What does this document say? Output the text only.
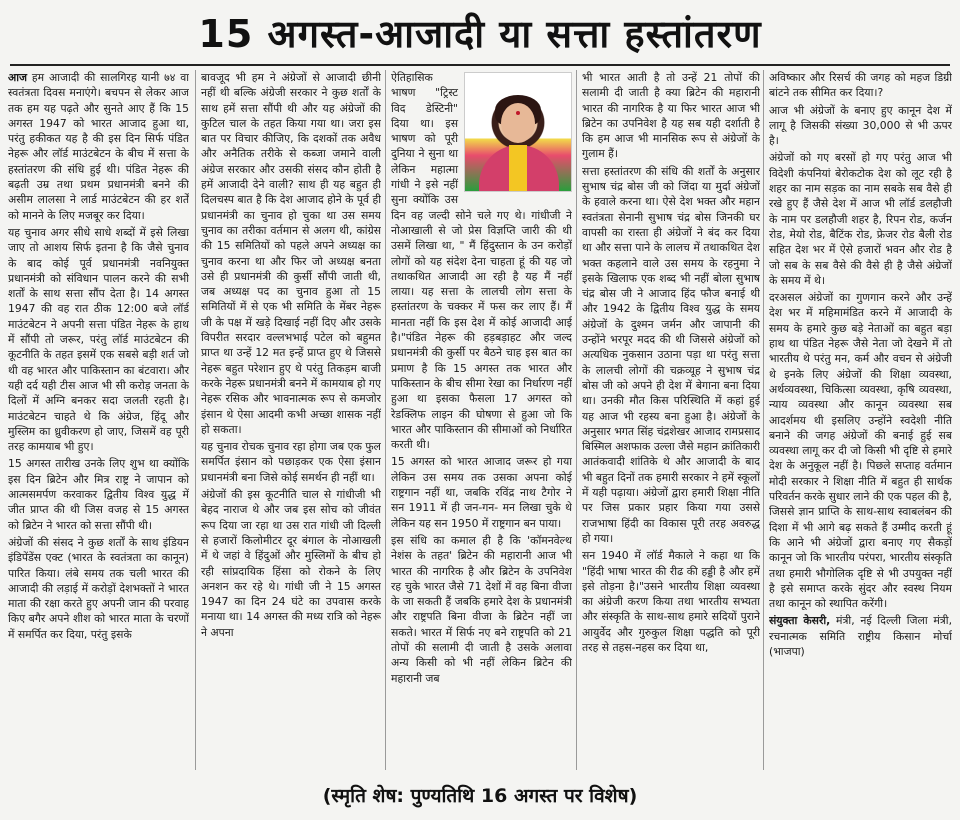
15 अगस्त-आजादी या सत्ता हस्तांतरण

आज हम आजादी की सालगिरह यानी ७४ वा स्वतंत्रता दिवस मनाएंगे। बचपन से लेकर आज तक हम यह पढ़ते और सुनते आए हैं कि 15 अगस्त 1947 को भारत आजाद हुआ था, परंतु हकीकत यह है की इस दिन सिर्फ पंडित नेहरू और लॉर्ड माउंटबेटन के बीच में सत्ता के हस्तांतरण की संधि हुई थी। पंडित नेहरू की बढ़ती उम्र तथा प्रथम प्रधानमंत्री बनने की असीम लालसा ने लार्ड माउंटबेटन की हर शर्तें को मानने के लिए मजबूर कर दिया।

यह चुनाव अगर सीधे साधे शब्दों में इसे लिखा जाए तो आशय सिर्फ इतना है कि जैसे चुनाव के बाद कोई पूर्व प्रधानमंत्री नवनियुक्त प्रधानमंत्री को संविधान पालन करने की सभी शर्तों के साथ सत्ता सौंप देता है। 14 अगस्त 1947 की वह रात ठीक 12:00 बजे लॉर्ड माउंटबेटन ने अपनी सत्ता पंडित नेहरू के हाथ में सौंपी तो जरूर, परंतु लॉर्ड माउंटबेटन की कूटनीति के तहत इसमें एक सबसे बड़ी शर्त जो थी वह भारत और पाकिस्तान का बंटवारा। और यही दर्द यही टीस आज भी सी करोड़ जनता के दिलों में अग्नि बनकर सदा जलती रहती है। माउंटबेटन चाहते थे कि अंग्रेज, हिंदू और मुस्लिम का ध्रुवीकरण हो जाए, जिसमें वह पूरी तरह कामयाब भी हुए।

15 अगस्त तारीख उनके लिए शुभ था क्योंकि इस दिन ब्रिटेन और मित्र राष्ट्र ने जापान को आत्मसमर्पण करवाकर द्वितीय विश्व युद्ध में जीत प्राप्त की थी जिस वजह से 15 अगस्त को ब्रिटेन ने भारत को सत्ता सौंपी थी।

अंग्रेजों की संसद ने कुछ शर्तों के साथ इंडियन इंडिपेंडेंस एक्ट (भारत के स्वतंत्रता का कानून) पारित किया। लंबे समय तक चली भारत की आजादी की लड़ाई में करोड़ों देशभक्तों ने भारत माता की रक्षा करते हुए अपनी जान की परवाह किए बगैर अपने शीश को भारत माता के चरणों में समर्पित कर दिया, परंतु इसके

बावजूद भी हम ने अंग्रेजों से आजादी छीनी नहीं थी बल्कि अंग्रेजी सरकार ने कुछ शर्तों के साथ हमें सत्ता सौंपी थी और यह अंग्रेजों की कुटिल चाल के तहत किया गया था। जरा इस बात पर विचार कीजिए, कि दशकों तक अवैध और अनैतिक तरीके से कब्जा जमाने वाली अंग्रेज सरकार और उसकी संसद कौन होती है हमें आजादी देने वाली? साथ ही यह बहुत ही दिलचस्प बात है कि देश आजाद होने के पूर्व ही प्रधानमंत्री का चुनाव हो चुका था उस समय चुनाव का तरीका वर्तमान से अलग थी, कांग्रेस की 15 समितियों को पहले अपने अध्यक्ष का चुनाव करना था और फिर जो अध्यक्ष बनता उसे ही प्रधानमंत्री की कुर्सी सौंपी जाती थी, जब अध्यक्ष पद का चुनाव हुआ तो 15 समितियों में से एक भी समिति के मेंबर नेहरू जी के पक्ष में खड़े दिखाई नहीं दिए और उसके विपरीत सरदार वल्लभभाई पटेल को बहुमत प्राप्त था उन्हें 12 मत इन्हें प्राप्त हुए थे जिससे नेहरू बहुत परेशान हुए थे परंतु तिकड़म बाजी करके नेहरू प्रधानमंत्री बनने में कामयाब हो गए नेहरू रसिक और भावनात्मक रूप से कमजोर इंसान थे ऐसा आदमी कभी अच्छा शासक नहीं हो सकता।

यह चुनाव रोचक चुनाव रहा होगा जब एक फुल समर्पित इंसान को पछाड़कर एक ऐसा इंसान प्रधानमंत्री बना जिसे कोई समर्थन ही नहीं था।

अंग्रेजों की इस कूटनीति चाल से गांधीजी भी बेहद नाराज थे और जब इस सोच को जीवंत रूप दिया जा रहा था उस रात गांधी जी दिल्ली से हजारों किलोमीटर दूर बंगाल के नोआखली में थे जहां वे हिंदुओं और मुस्लिमों के बीच हो रही सांप्रदायिक हिंसा को रोकने के लिए अनशन कर रहे थे। गांधी जी ने 15 अगस्त 1947 का दिन 24 घंटे का उपवास करके मनाया था। 14 अगस्त की मध्य रात्रि को नेहरू ने अपना

ऐतिहासिक भाषण "ट्रिस्ट विद डेस्टिनी" दिया था। इस भाषण को पूरी दुनिया ने सुना था लेकिन महात्मा गांधी ने इसे नहीं सुना क्योंकि उस दिन वह जल्दी सोने चले गए थे। गांधीजी ने नोआखाली से जो प्रेस विज्ञप्ति जारी की थी उसमें लिखा था, " मैं हिंदुस्तान के उन करोड़ों लोगों को यह संदेश देना चाहता हूं की यह जो तथाकथित आजादी आ रही है यह मैं नहीं लाया। यह सत्ता के लालची लोग सत्ता के हस्तांतरण के चक्कर में फस कर लाए हैं। मैं मानता नहीं कि इस देश में कोई आजादी आई है।"पंडित नेहरू की हड़बड़ाहट और जल्द प्रधानमंत्री की कुर्सी पर बैठने चाह इस बात का प्रमाण है कि 15 अगस्त तक भारत और पाकिस्तान के बीच सीमा रेखा का निर्धारण नहीं हुआ था इसका फैसला 17 अगस्त को रेडक्लिफ लाइन की घोषणा से हुआ जो कि भारत और पाकिस्तान की सीमाओं को निर्धारित करती थी।

15 अगस्त को भारत आजाद जरूर हो गया लेकिन उस समय तक उसका अपना कोई राष्ट्रगान नहीं था, जबकि रविंद्र नाथ टैगोर ने सन 1911 में ही जन-गन- मन लिखा चुके थे लेकिन यह सन 1950 में राष्ट्रगान बन पाया।

इस संधि का कमाल ही है कि 'कॉमनवेल्थ नेशंस के तहत' ब्रिटेन की महारानी आज भी भारत की नागरिक है और ब्रिटेन के उपनिवेश रह चुके भारत जैसे 71 देशों में वह बिना वीजा के जा सकती हैं जबकि हमारे देश के प्रधानमंत्री और राष्ट्रपति बिना वीजा के ब्रिटेन नहीं जा सकते। भारत में सिर्फ नए बने राष्ट्रपति को 21 तोपों की सलामी दी जाती है उसके अलावा अन्य किसी को भी नहीं लेकिन ब्रिटेन की महारानी जब

भी भारत आती है तो उन्हें 21 तोपों की सलामी दी जाती है क्या ब्रिटेन की महारानी भारत की नागरिक है या फिर भारत आज भी ब्रिटेन का उपनिवेश है यह सब यही दर्शाती है कि हम आज भी मानसिक रूप से अंग्रेजों के गुलाम हैं।

सत्ता हस्तांतरण की संधि की शर्तों के अनुसार सुभाष चंद्र बोस जी को जिंदा या मुर्दा अंग्रेजों के हवाले करना था। ऐसे देश भक्त और महान स्वतंत्रता सेनानी सुभाष चंद्र बोस जिनकी घर वापसी का रास्ता ही अंग्रेजों ने बंद कर दिया था और सत्ता पाने के लालच में तथाकथित देश भक्त कहलाने वाले उस समय के रहनुमा ने इसके खिलाफ एक शब्द भी नहीं बोला सुभाष चंद्र बोस जी ने आजाद हिंद फौज बनाई थी और 1942 के द्वितीय विश्व युद्ध के समय अंग्रेजों के दुश्मन जर्मन और जापानी की उन्होंने भरपूर मदद की थी जिससे अंग्रेजों को अत्यधिक नुकसान उठाना पड़ा था परंतु सत्ता के लालची लोगों की चक्रव्यूह ने सुभाष चंद्र बोस जी को अपने ही देश में बेगाना बना दिया था। उनकी मौत किस परिस्थिति में कहां हुई यह आज भी रहस्य बना हुआ है। अंग्रेजों के अनुसार भगत सिंह चंद्रशेखर आजाद रामप्रसाद बिस्मिल अशफाक उल्ला जैसे महान क्रांतिकारी आतंकवादी शांतिके थे और आजादी के बाद भी बहुत दिनों तक हमारी सरकार ने हमें स्कूलों में यही पढ़ाया। अंग्रेजों द्वारा हमारी शिक्षा नीति पर जिस प्रकार प्रहार किया गया उससे राजभाषा हिंदी का विकास पूरी तरह अवरुद्ध हो गया।

सन 1940 में लॉर्ड मैकाले ने कहा था कि "हिंदी भाषा भारत की रीढ की हड्डी है और हमें इसे तोड़ना है।"उसने भारतीय शिक्षा व्यवस्था का अंग्रेजी करण किया तथा भारतीय सभ्यता और संस्कृति के साथ-साथ हमारे सदियों पुराने आयुर्वेद और गुरुकुल शिक्षा पद्धति को पूरी तरह से तहस-नहस कर दिया था,

अविष्कार और रिसर्च की जगह को महज डिग्री बांटने तक सीमित कर दिया।?

आज भी अंग्रेजों के बनाए हुए कानून देश में लागू है जिसकी संख्या 30,000 से भी ऊपर है।

अंग्रेजों को गए बरसों हो गए परंतु आज भी विदेशी कंपनियां बेरोकटोक देश को लूट रही है शहर का नाम सड़क का नाम सबके सब वैसे ही रखे हुए हैं जैसे देश में आज भी लॉर्ड डलहौजी के नाम पर डलहौजी शहर है, रिपन रोड, कर्जन रोड, मेयो रोड, बैटिंक रोड, फ्रेजर रोड बैली रोड सहित देश भर में ऐसे हजारों भवन और रोड है जो सब के सब वैसे की वैसे ही है जैसे अंग्रेजों के समय में थे।

दरअसल अंग्रेजों का गुणगान करने और उन्हें देश भर में महिमामंडित करने में आजादी के समय के हमारे कुछ बड़े नेताओं का बहुत बड़ा हाथ था पंडित नेहरू जैसे नेता जो देखने में तो भारतीय थे परंतु मन, कर्म और वचन से अंग्रेजी थे इनके लिए अंग्रेजों की शिक्षा व्यवस्था, अर्थव्यवस्था, चिकित्सा व्यवस्था, कृषि व्यवस्था, न्याय व्यवस्था और कानून व्यवस्था सब आदर्शमय थी इसलिए उन्होंने स्वदेशी नीति बनाने की जगह अंग्रेजों की बनाई हुई सब व्यवस्था लागू कर दी जो किसी भी दृष्टि से हमारे देश के अनुकूल नहीं है। पिछले सप्ताह वर्तमान मोदी सरकार ने शिक्षा नीति में बहुत ही सार्थक परिवर्तन करके सुधार लाने की एक पहल की है, जिससे ज्ञान प्राप्ति के साथ-साथ स्वाबलंबन की दिशा में भी आगे बढ़ सकते हैं उम्मीद करती हूं कि आने भी अंग्रेजों द्वारा बनाए गए सैकड़ों कानून जो कि भारतीय परंपरा, भारतीय संस्कृति तथा हमारी भौगोलिक दृष्टि से भी उपयुक्त नहीं है इसे समाप्त करके सुंदर और स्वस्थ नियम तथा कानून को स्थापित करेंगी।

संयुक्ता केसरी, मंत्री, नई दिल्ली जिला मंत्री, रचनात्मक समिति राष्ट्रीय किसान मोर्चा (भाजपा)

(स्मृति शेष: पुण्यतिथि 16 अगस्त पर विशेष)
